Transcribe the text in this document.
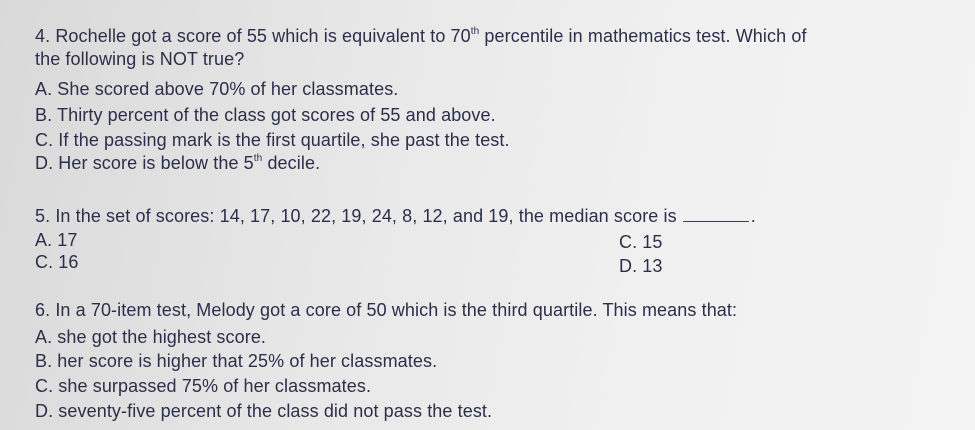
4. Rochelle got a score of 55 which is equivalent to 70th percentile in mathematics test. Which of
the following is NOT true?
A. She scored above 70% of her classmates.
B. Thirty percent of the class got scores of 55 and above.
C. If the passing mark is the first quartile, she past the test.
D. Her score is below the 5th decile.
5. In the set of scores: 14, 17, 10, 22, 19, 24, 8, 12, and 19, the median score is	.
A. 17	C. 15
C. 16	D. 13
6. In a 70-item test, Melody got a core of 50 which is the third quartile. This means that:
A. she got the highest score.
B. her score is higher that 25% of her classmates.
C. she surpassed 75% of her classmates.
D. seventy-five percent of the class did not pass the test.
